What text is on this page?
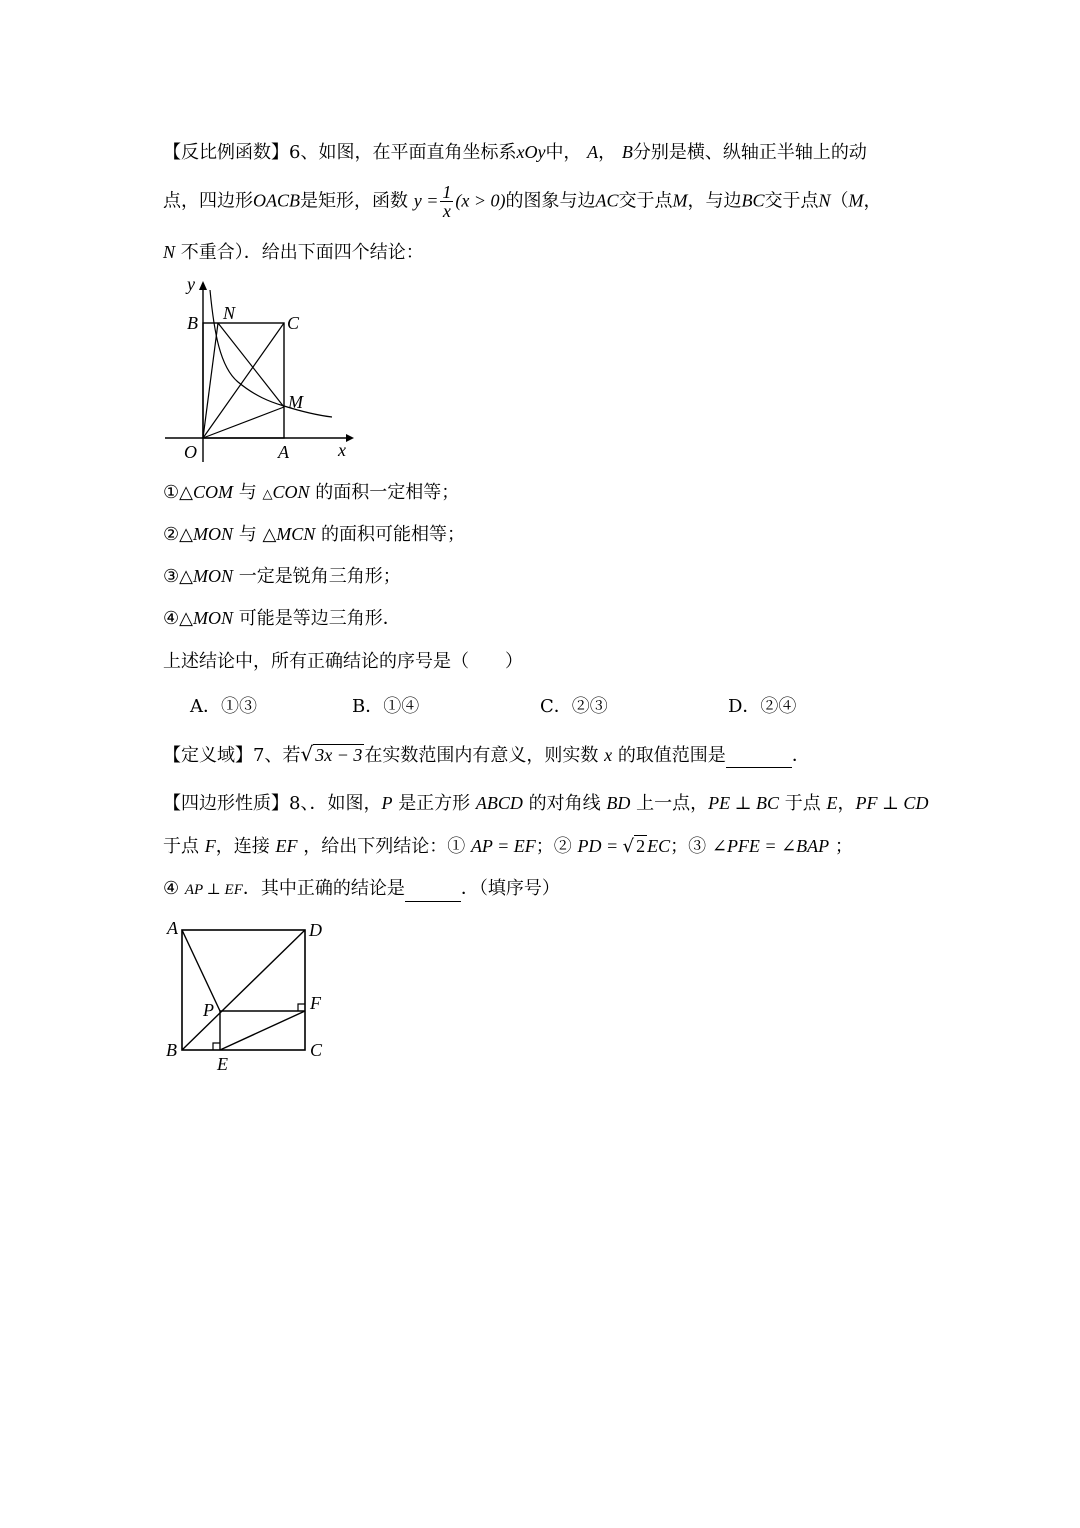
【反比例函数】6、如图，在平面直角坐标系xOy中， A， B分别是横、纵轴正半轴上的动
点，四边形OACB是矩形，函数 $y = \frac{1}{x} (x > 0)$的图象与边AC交于点M，与边BC交于点N（M，
N 不重合）．给出下面四个结论：
y
x
O	A
B	C
N
M
①△COM 与 △CON 的面积一定相等；
②△MON 与 △MCN 的面积可能相等；
③△MON 一定是锐角三角形；
④△MON 可能是等边三角形．
上述结论中，所有正确结论的序号是（　　）
A．①③	B．①④	C．②③	D．②④
【定义域】7、若√ 3x − 3 在实数范围内有意义，则实数 x 的取值范围是	．
【四边形性质】8、．如图，P 是正方形 ABCD 的对角线 BD 上一点，PE ⊥ BC 于点 E，PF ⊥ CD
于点 F，连接 EF ，给出下列结论：① AP = EF；② PD = √ 2 EC；③ ∠PFE = ∠BAP ；
④ AP ⊥ EF．其中正确的结论是	．（填序号）
A	D
P	F
B	C
E
